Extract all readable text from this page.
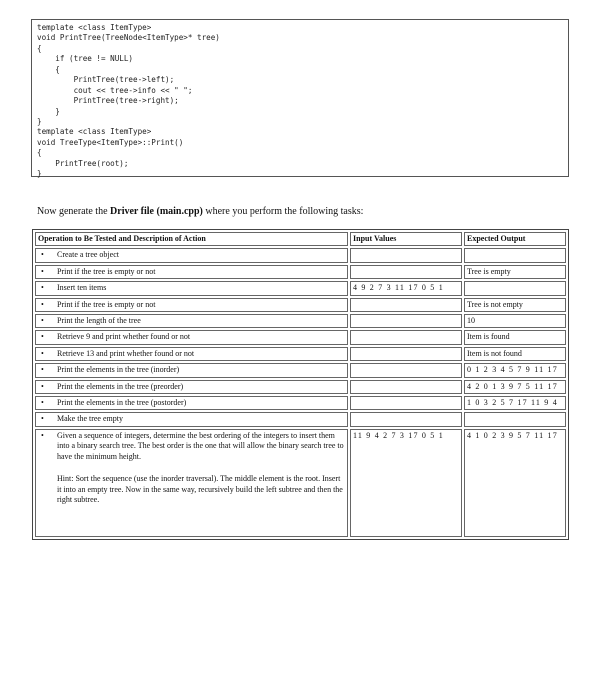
template <class ItemType>
void PrintTree(TreeNode<ItemType>* tree)
{
if (tree != NULL)
{
PrintTree(tree->left);
cout << tree->info << " ";
PrintTree(tree->right);
}
}
template <class ItemType>
void TreeType<ItemType>::Print()
{
PrintTree(root);
}

Now generate the Driver file (main.cpp) where you perform the following tasks:

Operation to Be Tested and Description of Action	Input Values	Expected Output

• Create a tree object		

• Print if the tree is empty or not		Tree is empty

• Insert ten items	4 9 2 7 3 11 17 0 5 1	

• Print if the tree is empty or not		Tree is not empty

• Print the length of the tree		10

• Retrieve 9 and print whether found or not		Item is found

• Retrieve 13 and print whether found or not		Item is not found

• Print the elements in the tree (inorder)		0 1 2 3 4 5 7 9 11 17

• Print the elements in the tree (preorder)		4 2 0 1 3 9 7 5 11 17

• Print the elements in the tree (postorder)		1 0 3 2 5 7 17 11 9 4

• Make the tree empty		

• Given a sequence of integers, determine the best ordering of the integers to insert them into a binary search tree. The best order is the one that will allow the binary search tree to have the minimum height.
Hint: Sort the sequence (use the inorder traversal). The middle element is the root. Insert it into an empty tree. Now in the same way, recursively build the left subtree and then the right subtree.	11 9 4 2 7 3 17 0 5 1	4 1 0 2 3 9 5 7 11 17
